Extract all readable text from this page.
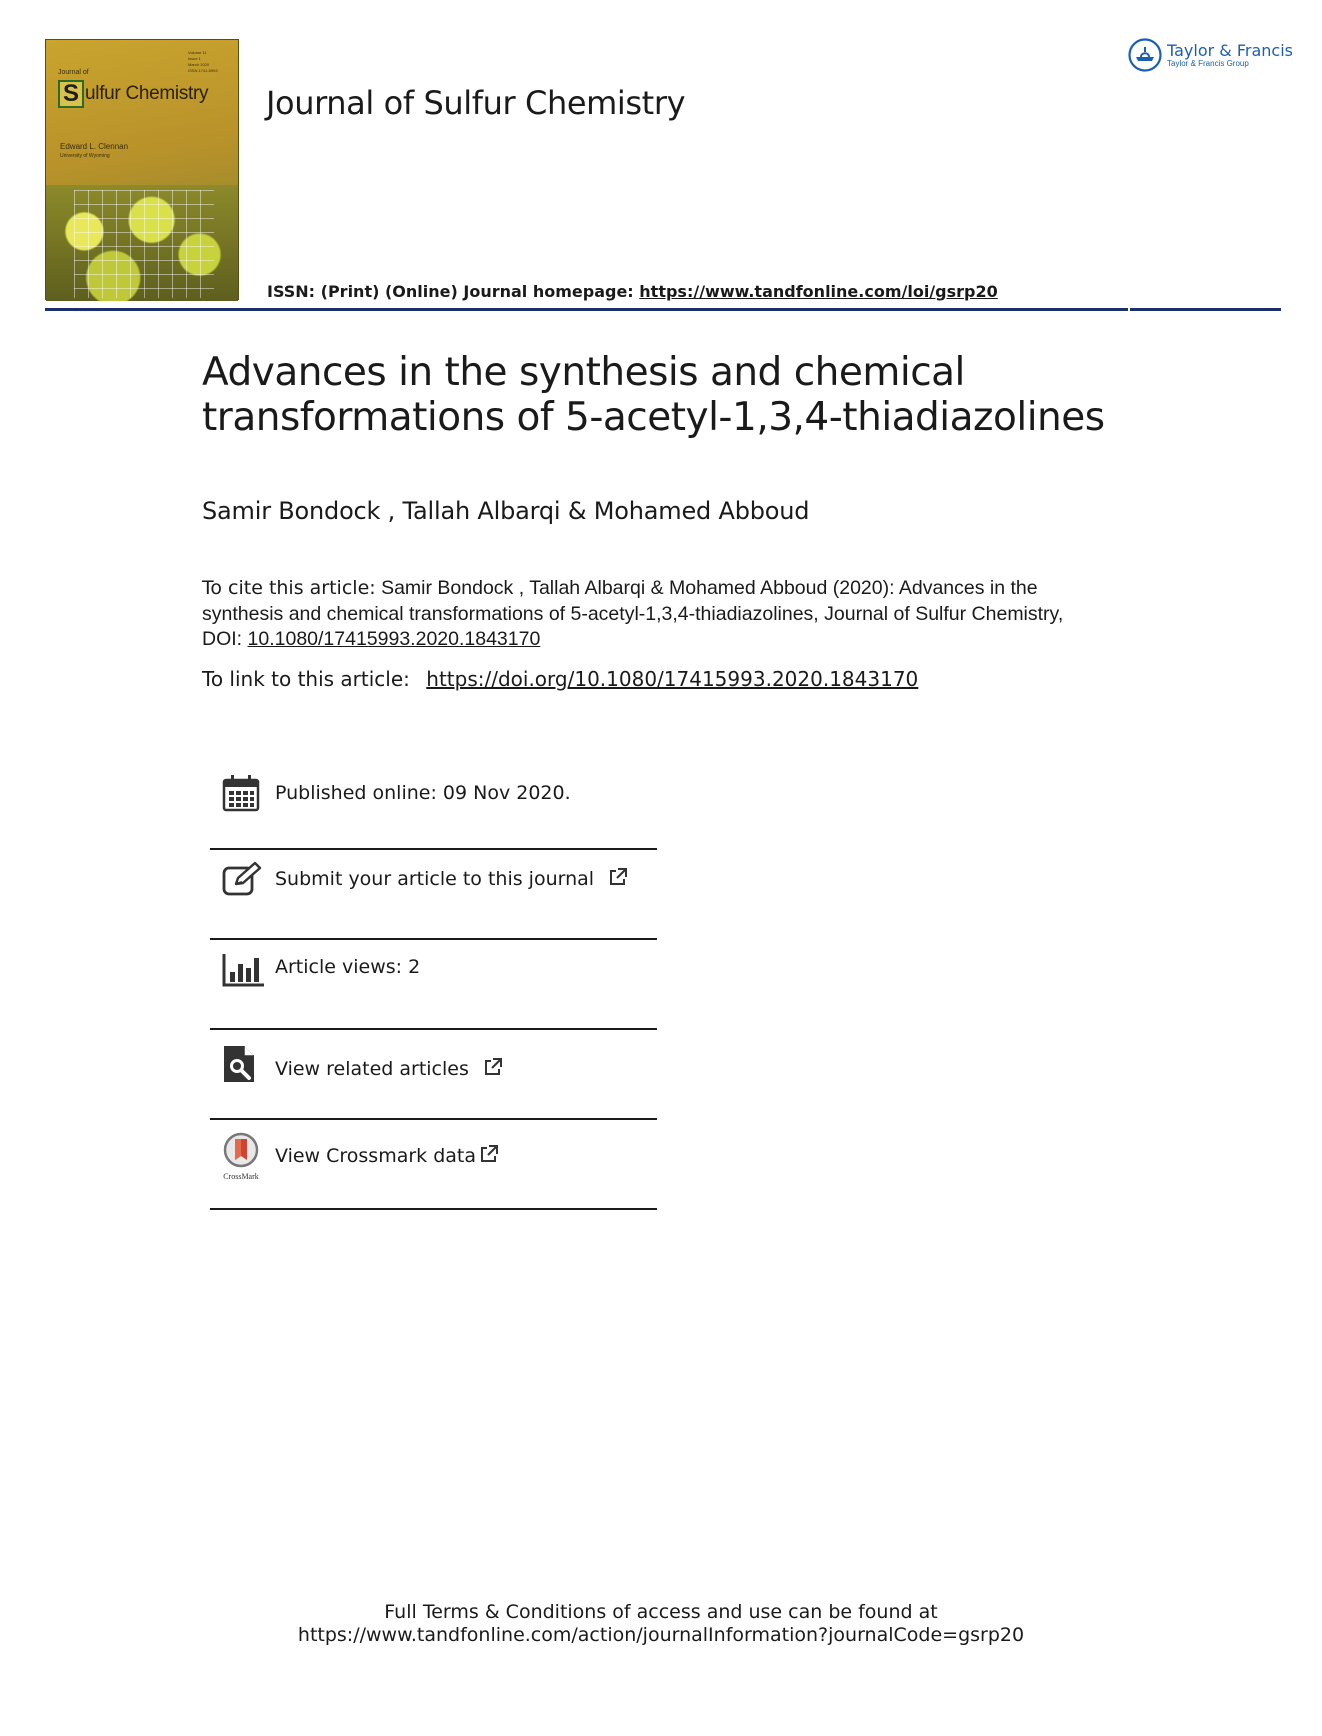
Volume 11
Issue 1
March 2020
ISSN 1741-5993
Journal of
S ulfur Chemistry
Edward L. Clennan
University of Wyoming
Journal of Sulfur Chemistry
ISSN: (Print) (Online) Journal homepage: https://www.tandfonline.com/loi/gsrp20
Taylor & Francis
Taylor & Francis Group
Advances in the synthesis and chemical
transformations of 5-acetyl-1,3,4-thiadiazolines
Samir Bondock , Tallah Albarqi & Mohamed Abboud
To cite this article: Samir Bondock , Tallah Albarqi & Mohamed Abboud (2020): Advances in the synthesis and chemical transformations of 5-acetyl-1,3,4-thiadiazolines, Journal of Sulfur Chemistry, DOI: 10.1080/17415993.2020.1843170
To link to this article: https://doi.org/10.1080/17415993.2020.1843170
Published online: 09 Nov 2020.
Submit your article to this journal
Article views: 2
View related articles
CrossMark
View Crossmark data
Full Terms & Conditions of access and use can be found at
https://www.tandfonline.com/action/journalInformation?journalCode=gsrp20
